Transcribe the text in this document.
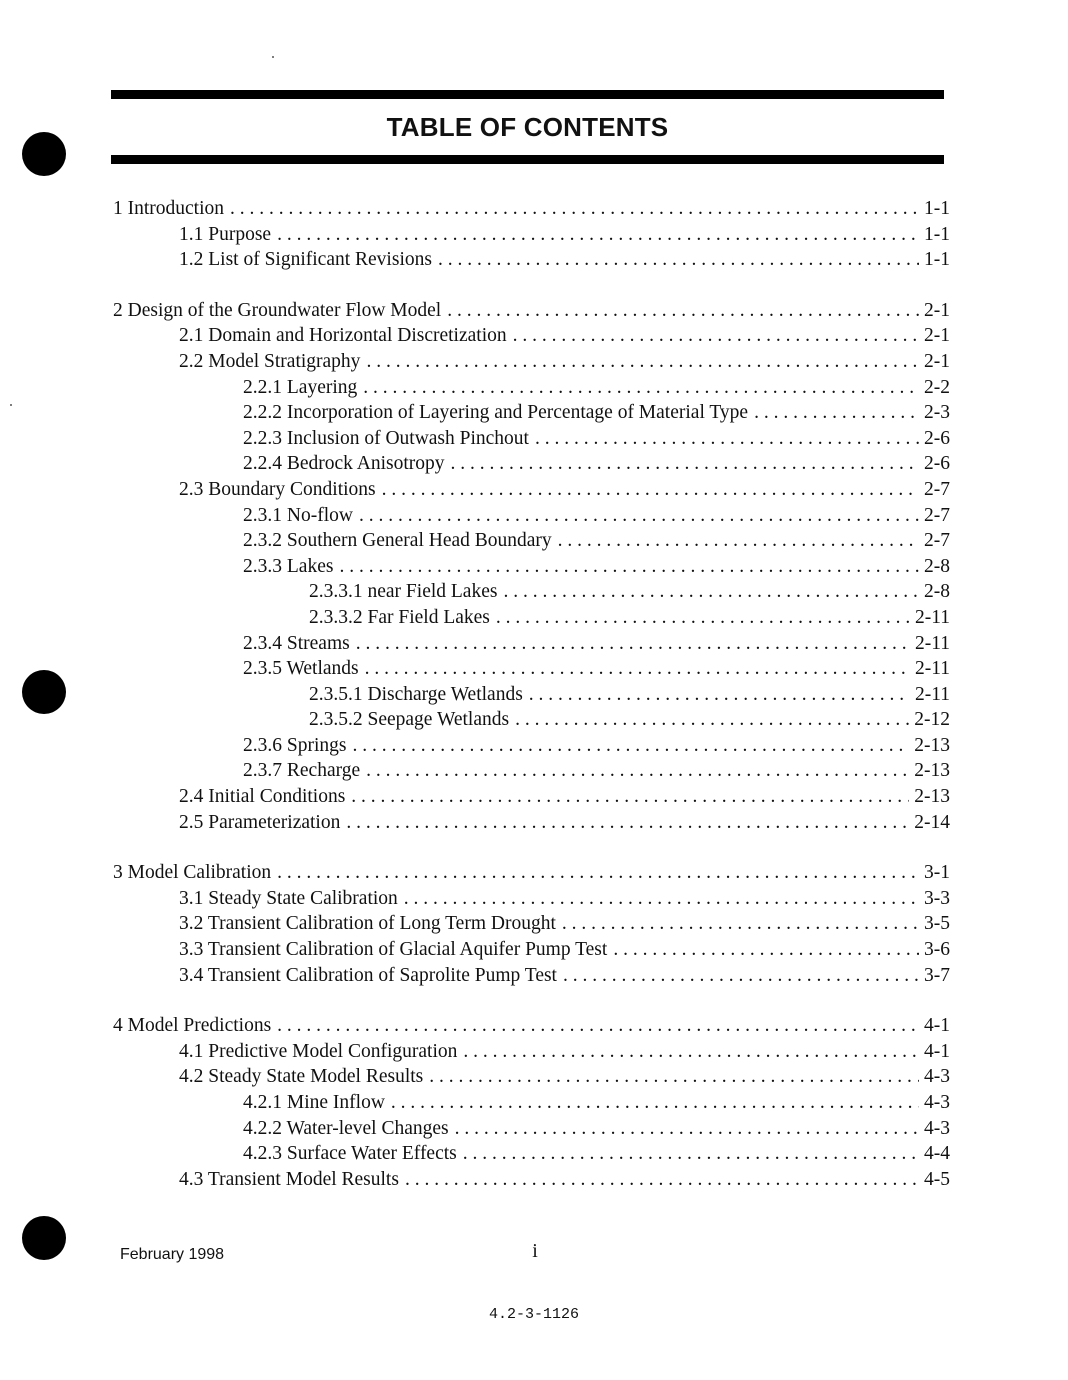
TABLE OF CONTENTS
1 Introduction . . .	1-1
1.1 Purpose . . .	1-1
1.2 List of Significant Revisions . . .	1-1
2 Design of the Groundwater Flow Model . . .	2-1
2.1 Domain and Horizontal Discretization . . .	2-1
2.2 Model Stratigraphy . . .	2-1
2.2.1 Layering . . .	2-2
2.2.2 Incorporation of Layering and Percentage of Material Type . . .	2-3
2.2.3 Inclusion of Outwash Pinchout . . .	2-6
2.2.4 Bedrock Anisotropy . . .	2-6
2.3 Boundary Conditions . . .	2-7
2.3.1 No-flow . . .	2-7
2.3.2 Southern General Head Boundary . . .	2-7
2.3.3 Lakes . . .	2-8
2.3.3.1 near Field Lakes . . .	2-8
2.3.3.2 Far Field Lakes . . .	2-11
2.3.4 Streams . . .	2-11
2.3.5 Wetlands . . .	2-11
2.3.5.1 Discharge Wetlands . . .	2-11
2.3.5.2 Seepage Wetlands . . .	2-12
2.3.6 Springs . . .	2-13
2.3.7 Recharge . . .	2-13
2.4 Initial Conditions . . .	2-13
2.5 Parameterization . . .	2-14
3 Model Calibration . . .	3-1
3.1 Steady State Calibration . . .	3-3
3.2 Transient Calibration of Long Term Drought . . .	3-5
3.3 Transient Calibration of Glacial Aquifer Pump Test . . .	3-6
3.4 Transient Calibration of Saprolite Pump Test . . .	3-7
4 Model Predictions . . .	4-1
4.1 Predictive Model Configuration . . .	4-1
4.2 Steady State Model Results . . .	4-3
4.2.1 Mine Inflow . . .	4-3
4.2.2 Water-level Changes . . .	4-3
4.2.3 Surface Water Effects . . .	4-4
4.3 Transient Model Results . . .	4-5
February 1998	i
4.2-3-1126
